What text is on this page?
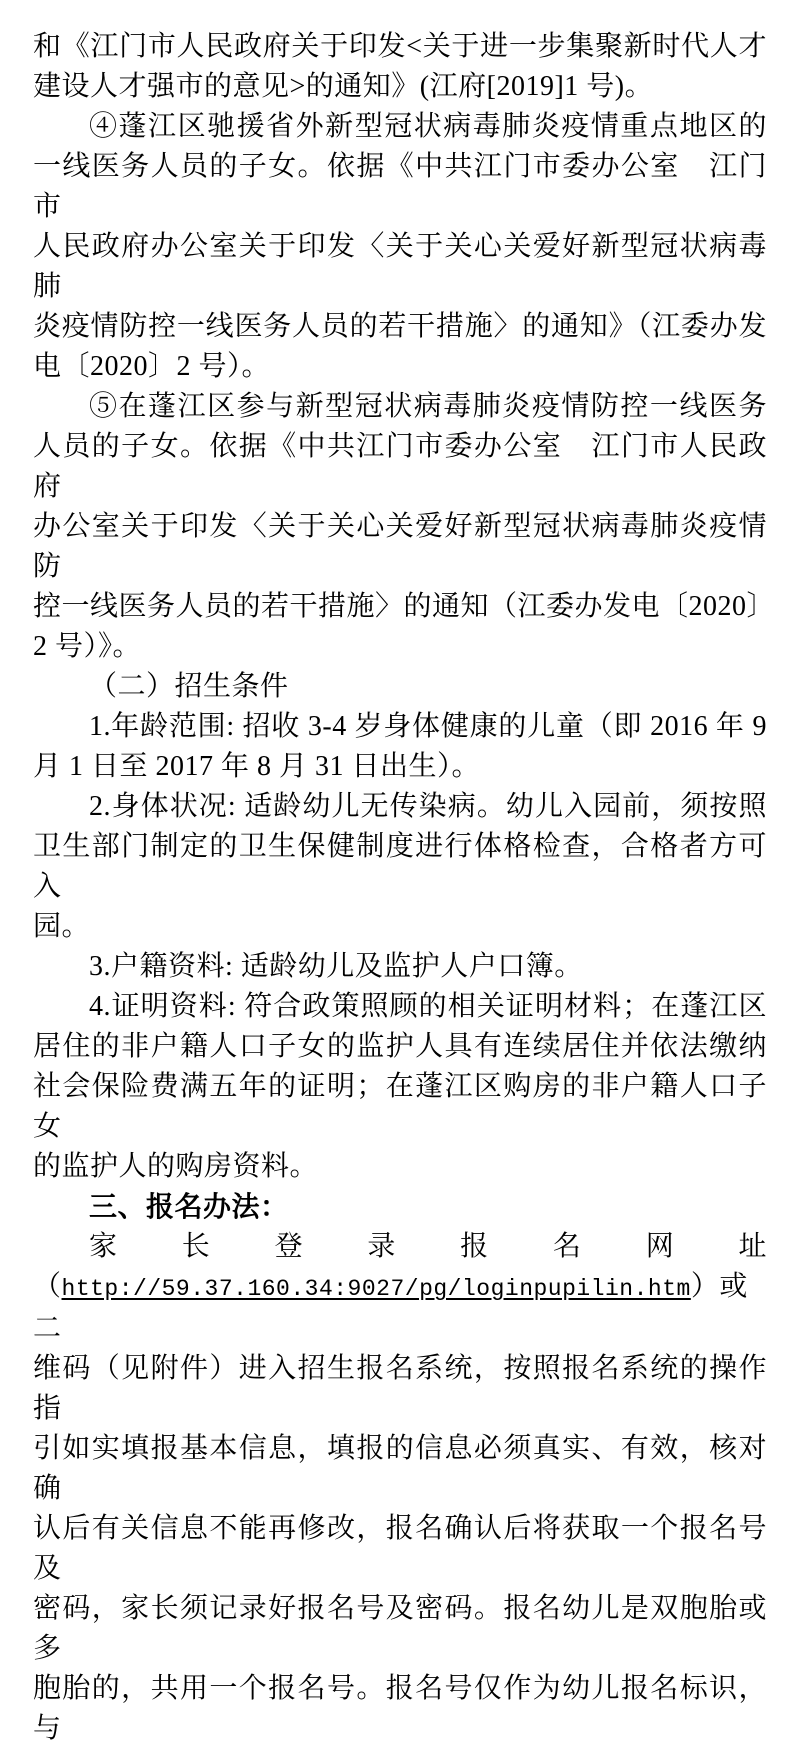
和《江门市人民政府关于印发<关于进一步集聚新时代人才
建设人才强市的意见>的通知》(江府[2019]1 号)。
④蓬江区驰援省外新型冠状病毒肺炎疫情重点地区的
一线医务人员的子女。依据《中共江门市委办公室　江门市
人民政府办公室关于印发〈关于关心关爱好新型冠状病毒肺
炎疫情防控一线医务人员的若干措施〉的通知》（江委办发
电〔2020〕2 号）。
⑤在蓬江区参与新型冠状病毒肺炎疫情防控一线医务
人员的子女。依据《中共江门市委办公室　江门市人民政府
办公室关于印发〈关于关心关爱好新型冠状病毒肺炎疫情防
控一线医务人员的若干措施〉的通知（江委办发电〔2020〕
2 号）》。
（二）招生条件
1.年龄范围: 招收 3-4 岁身体健康的儿童（即 2016 年 9
月 1 日至 2017 年 8 月 31 日出生）。
2.身体状况: 适龄幼儿无传染病。幼儿入园前，须按照
卫生部门制定的卫生保健制度进行体格检查，合格者方可入
园。
3.户籍资料: 适龄幼儿及监护人户口簿。
4.证明资料: 符合政策照顾的相关证明材料；在蓬江区
居住的非户籍人口子女的监护人具有连续居住并依法缴纳
社会保险费满五年的证明；在蓬江区购房的非户籍人口子女
的监护人的购房资料。
三、报名办法：
家长登录报名网址
（http://59.37.160.34:9027/pg/loginpupilin.htm）或二
维码（见附件）进入招生报名系统，按照报名系统的操作指
引如实填报基本信息，填报的信息必须真实、有效，核对确
认后有关信息不能再修改，报名确认后将获取一个报名号及
密码，家长须记录好报名号及密码。报名幼儿是双胞胎或多
胞胎的，共用一个报名号。报名号仅作为幼儿报名标识，与
